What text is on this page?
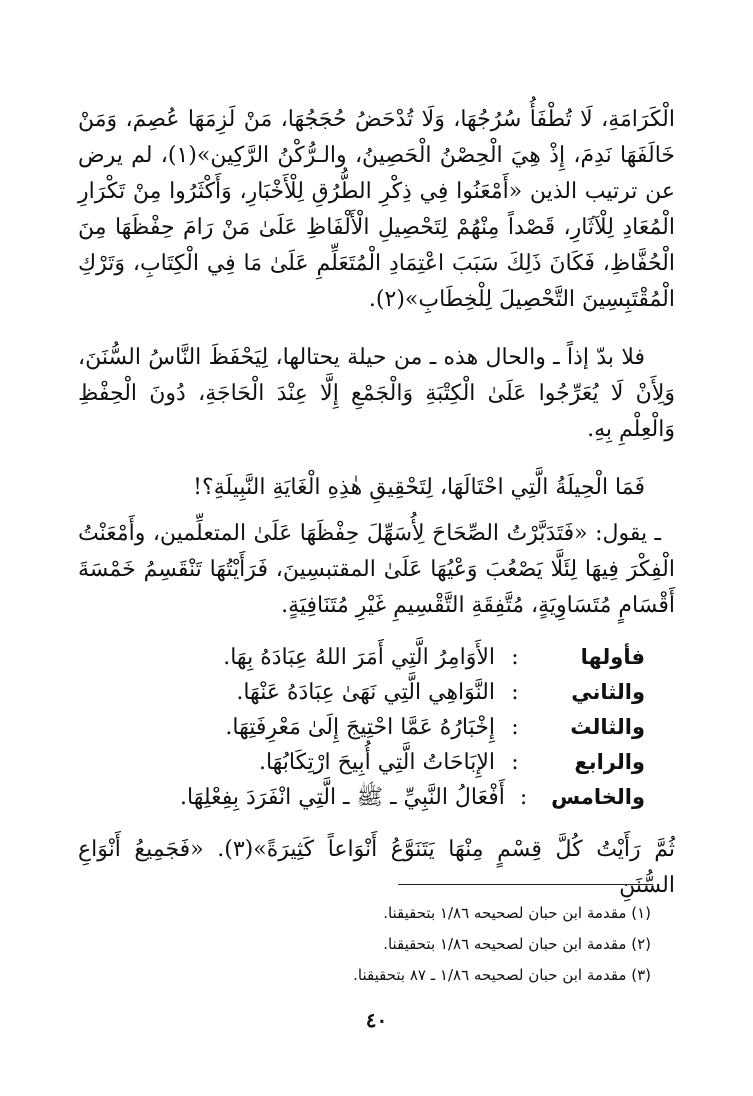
الْكَرَامَةِ، لَا تُطْفَأُ سُرُجُهَا، وَلَا تُدْحَضُ حُجَجُهَا، مَنْ لَزِمَهَا عُصِمَ، وَمَنْ خَالَفَهَا نَدِمَ، إِذْ هِيَ الْحِصْنُ الْحَصِينُ، والـرُّكْنُ الرَّكِين»(١)، لم يرض عن ترتيب الذين «أَمْعَنُوا فِي ذِكْرِ الطُّرُقِ لِلْأَخْبَارِ، وَأَكْثَرُوا مِنْ تَكْرَارِ الْمُعَادِ لِلْآثَارِ، قَصْداً مِنْهُمْ لِتَحْصِيلِ الْأَلْفَاظِ عَلَىٰ مَنْ رَامَ حِفْظَهَا مِنَ الْحُفَّاظِ، فَكَانَ ذَلِكَ سَبَبَ اعْتِمَادِ الْمُتَعَلِّمِ عَلَىٰ مَا فِي الْكِتَابِ، وَتَرْكِ الْمُقْتَبِسِينَ التَّحْصِيلَ لِلْخِطَابِ»(٢).

فلا بدّ إذاً ـ والحال هذه ـ من حيلة يحتالها، لِيَحْفَظَ النَّاسُ السُّنَنَ، وَلِأَنْ لَا يُعَرِّجُوا عَلَىٰ الْكِتْبَةِ وَالْجَمْعِ إِلَّا عِنْدَ الْحَاجَةِ، دُونَ الْحِفْظِ وَالْعِلْمِ بِهِ.

فَمَا الْحِيلَةُ الَّتِي احْتَالَهَا، لِتَحْقِيقِ هٰذِهِ الْغَايَةِ النَّبِيلَةِ؟!

ـ يقول: «فَتَدَبَّرْتُ الصِّحَاحَ لِأُسَهِّلَ حِفْظَهَا عَلَىٰ المتعلِّمين، وأَمْعَنْتُ الْفِكْرَ فِيهَا لِئَلَّا يَصْعُبَ وَعْيُهَا عَلَىٰ المقتبسِينَ، فَرَأَيْتُهَا تَنْقَسِمُ خَمْسَةَ أَقْسَامٍ مُتَسَاوِيَةٍ، مُتَّفِقَةِ التَّقْسِيمِ غَيْرِ مُتَنَافِيَةٍ.

فأولها
:
الأَوَامِرُ الَّتِي أَمَرَ اللهُ عِبَادَهُ بِهَا.
والثاني
:
النَّوَاهِي الَّتِي نَهَىٰ عِبَادَهُ عَنْهَا.
والثالث
:
إِخْبَارُهُ عَمَّا احْتِيجَ إِلَىٰ مَعْرِفَتِهَا.
والرابع
:
الإِبَاحَاتُ الَّتِي أُبِيحَ ارْتِكَابُهَا.
والخامس
:
أَفْعَالُ النَّبِيِّ ـ ﷺ ـ الَّتِي انْفَرَدَ بِفِعْلِهَا.

ثُمَّ رَأَيْتُ كُلَّ قِسْمٍ مِنْهَا يَتَنَوَّعُ أَنْوَاعاً كَثِيرَةً»(٣). «فَجَمِيعُ أَنْوَاعِ السُّنَنِ

(١) مقدمة ابن حبان لصحيحه ١/٨٦ بتحقيقنا.
(٢) مقدمة ابن حبان لصحيحه ١/٨٦ بتحقيقنا.
(٣) مقدمة ابن حبان لصحيحه ١/٨٦ ـ ٨٧ بتحقيقنا.
٤٠
